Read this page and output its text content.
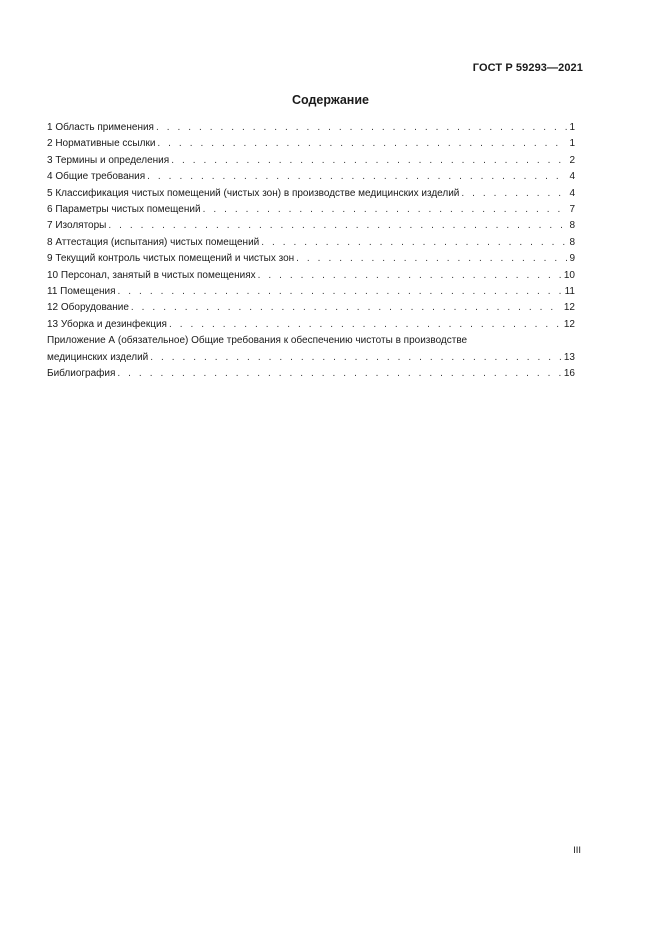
ГОСТ Р 59293—2021
Содержание
1 Область применения . . .	1
2 Нормативные ссылки . . .	1
3 Термины и определения . . .	2
4 Общие требования . . .	4
5 Классификация чистых помещений (чистых зон) в производстве медицинских изделий . . .	4
6 Параметры чистых помещений . . .	7
7 Изоляторы . . .	8
8 Аттестация (испытания) чистых помещений . . .	8
9 Текущий контроль чистых помещений и чистых зон . . .	9
10 Персонал, занятый в чистых помещениях . . .	10
11 Помещения . . .	11
12 Оборудование . . .	12
13 Уборка и дезинфекция . . .	12
Приложение А (обязательное) Общие требования к обеспечению чистоты в производстве
медицинских изделий . . .	13
Библиография . . .	16
III
